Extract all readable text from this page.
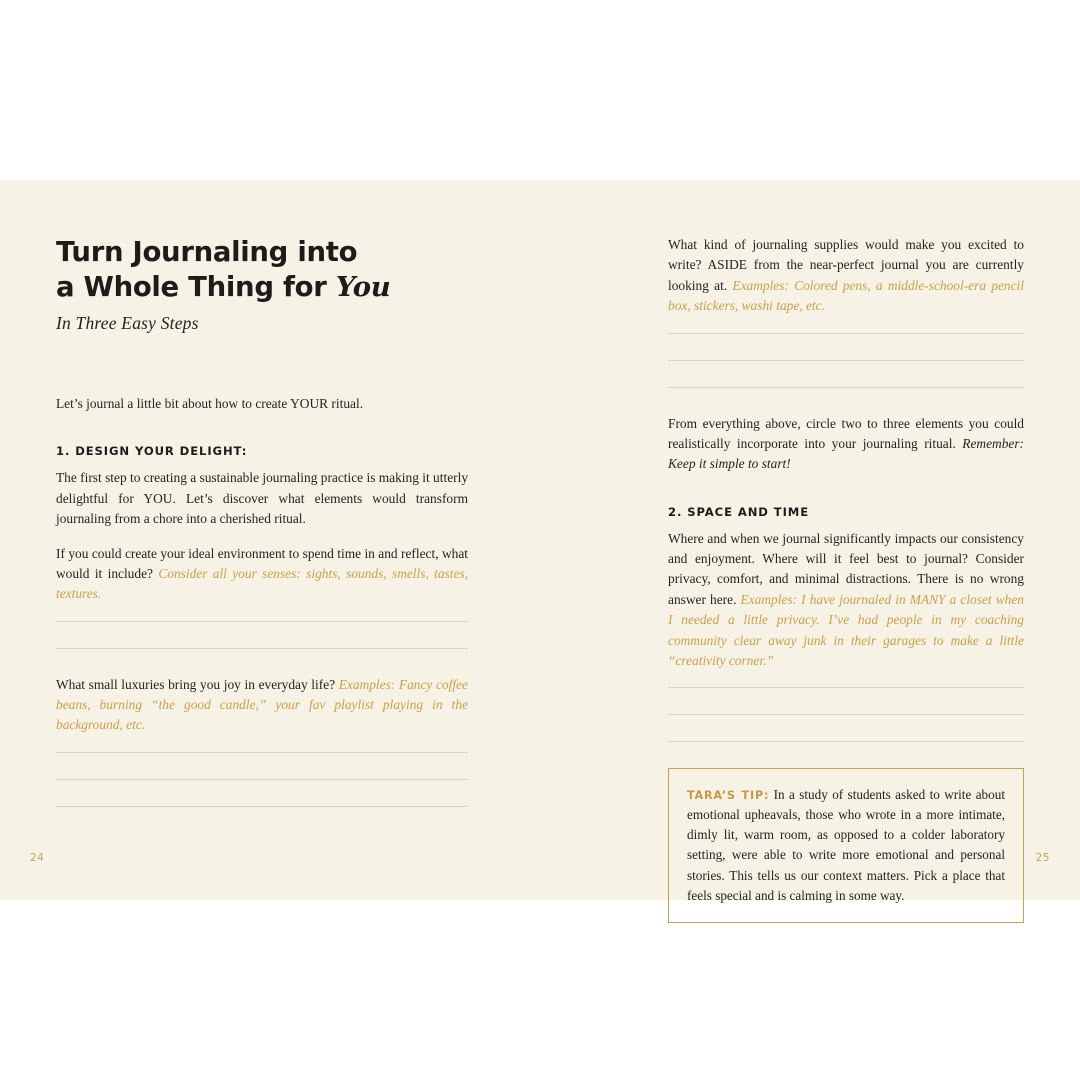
Turn Journaling into
a Whole Thing for You
In Three Easy Steps

Let’s journal a little bit about how to create YOUR ritual.

1. DESIGN YOUR DELIGHT:

The first step to creating a sustainable journaling practice is making it utterly delightful for YOU. Let’s discover what elements would transform journaling from a chore into a cherished ritual.

If you could create your ideal environment to spend time in and reflect, what would it include? Consider all your senses: sights, sounds, smells, tastes, textures.

What small luxuries bring you joy in everyday life? Examples: Fancy coffee beans, burning “the good candle,” your fav playlist playing in the background, etc.

24

What kind of journaling supplies would make you excited to write? ASIDE from the near-perfect journal you are currently looking at. Examples: Colored pens, a middle-school-era pencil box, stickers, washi tape, etc.

From everything above, circle two to three elements you could realistically incorporate into your journaling ritual. Remember: Keep it simple to start!

2. SPACE AND TIME

Where and when we journal significantly impacts our consistency and enjoyment. Where will it feel best to journal? Consider privacy, comfort, and minimal distractions. There is no wrong answer here. Examples: I have journaled in MANY a closet when I needed a little privacy. I’ve had people in my coaching community clear away junk in their garages to make a little “creativity corner.”

TARA’S TIP: In a study of students asked to write about emotional upheavals, those who wrote in a more intimate, dimly lit, warm room, as opposed to a colder laboratory setting, were able to write more emotional and personal stories. This tells us our context matters. Pick a place that feels special and is calming in some way.

25
